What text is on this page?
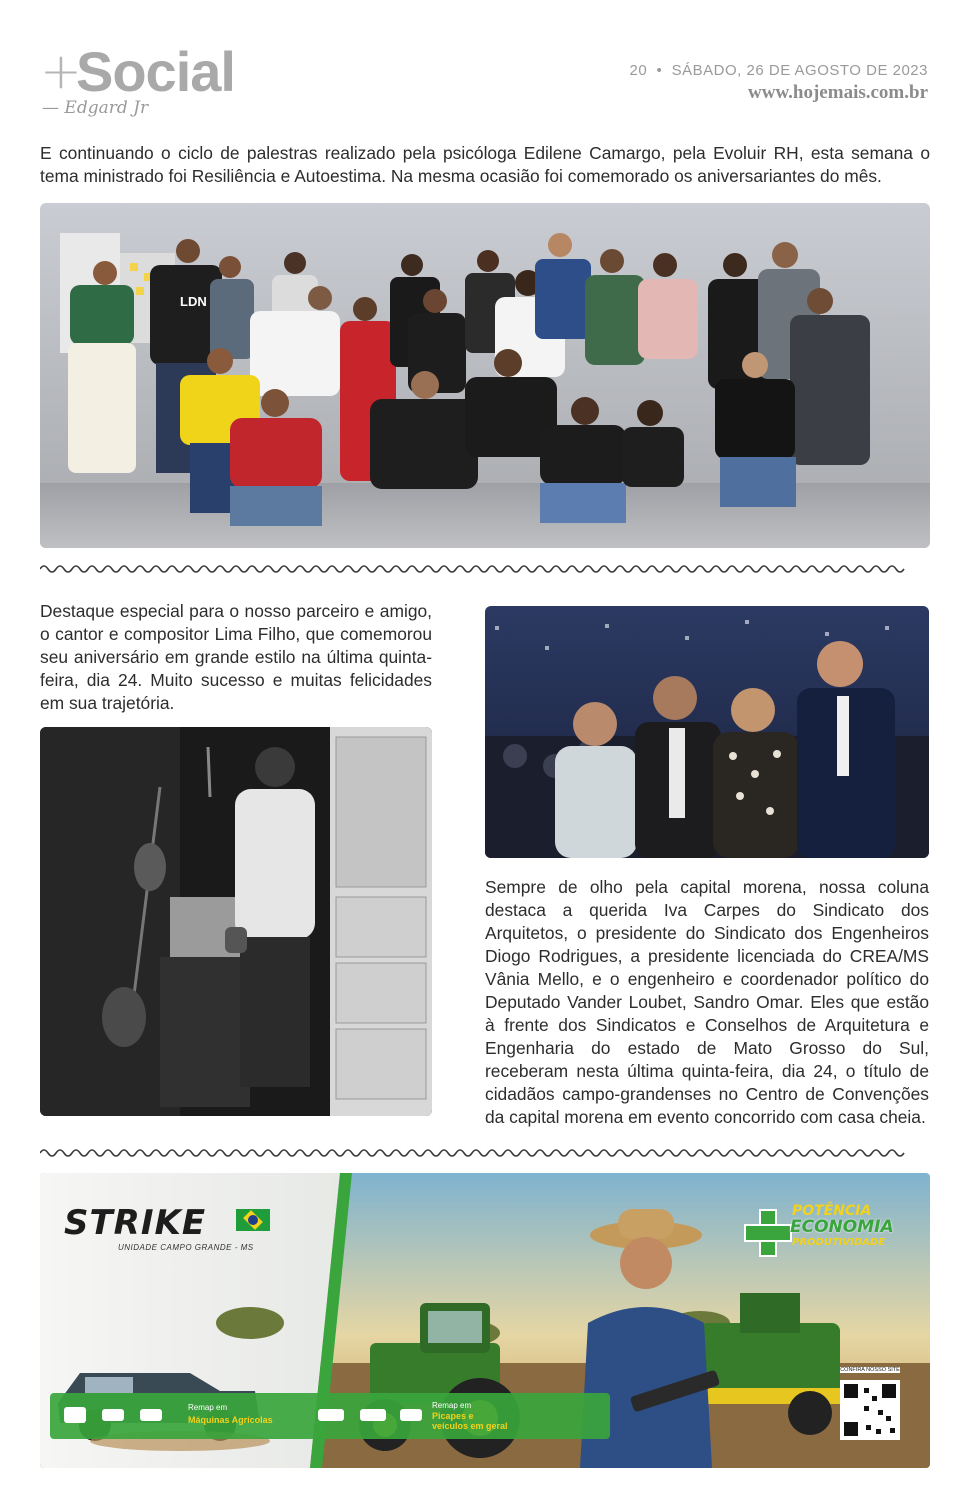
+
Social
— Edgard Jr
20 • SÁBADO, 26 DE AGOSTO DE 2023
www.hojemais.com.br
E continuando o ciclo de palestras realizado pela psicóloga Edilene Camargo, pela Evoluir RH, esta semana o tema ministrado foi Resiliência e Autoestima. Na mesma ocasião foi comemorado os aniversariantes do mês.
LDN
Destaque especial para o nosso parceiro e amigo, o cantor e compositor Lima Filho, que comemorou seu aniversário em grande estilo na última quinta-feira, dia 24. Muito sucesso e muitas felicidades em sua trajetória.
Sempre de olho pela capital morena, nossa coluna destaca a querida Iva Carpes do Sindicato dos Arquitetos, o presidente do Sindicato dos Engenheiros Diogo Rodrigues, a presidente licenciada do CREA/MS Vânia Mello, e o engenheiro e coordenador político do Deputado Vander Loubet, Sandro Omar. Eles que estão à frente dos Sindicatos e Conselhos de Arquitetura e Engenharia do estado de Mato Grosso do Sul, receberam nesta última quinta-feira, dia 24, o título de cidadãos campo-grandenses no Centro de Convenções da capital morena em evento concorrido com casa cheia.
STRIKE
UNIDADE CAMPO GRANDE - MS
POTÊNCIA
ECONOMIA
PRODUTIVIDADE
Remap em
Máquinas Agrícolas
Remap em
Picapes e veículos em geral
CONFIRA NOSSO SITE
